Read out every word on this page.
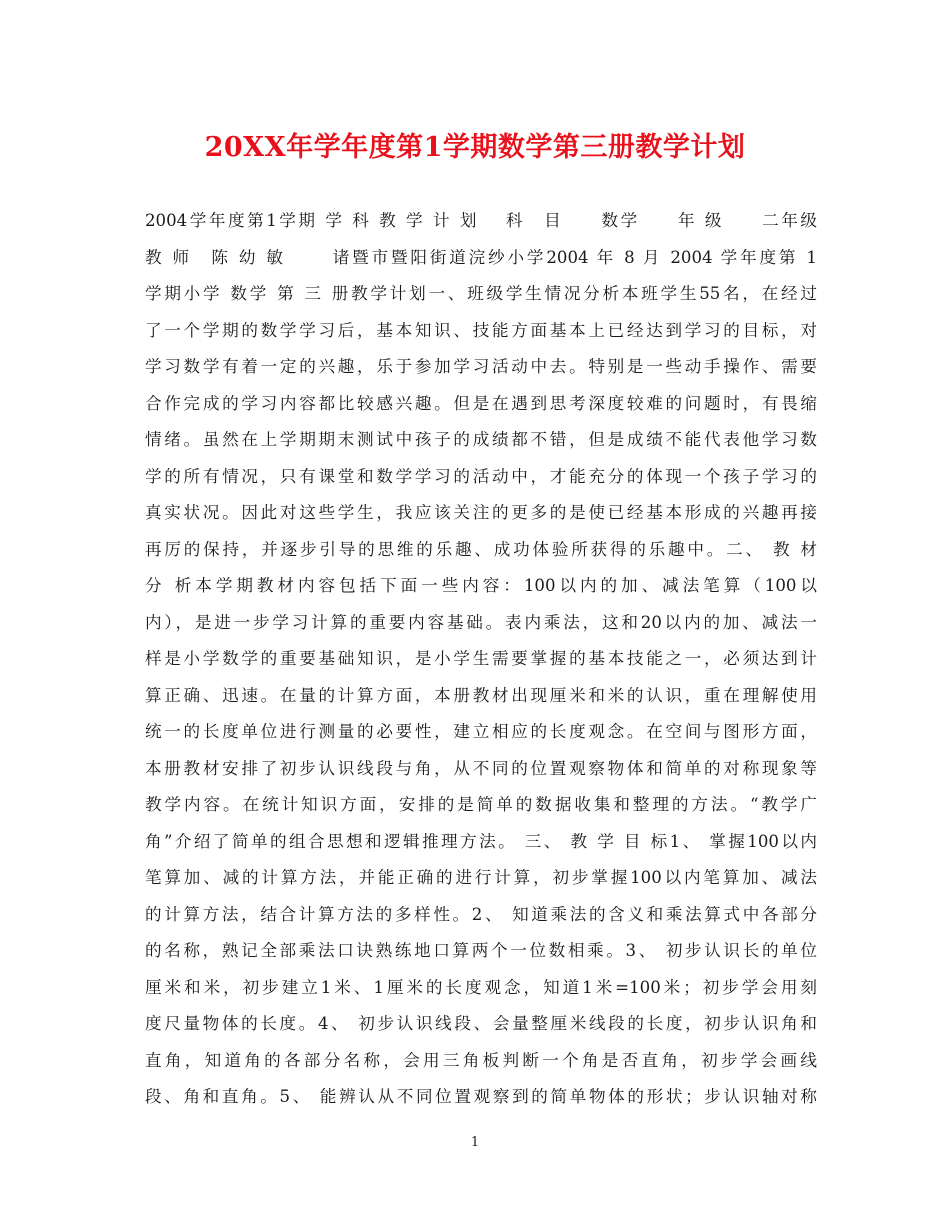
20XX年学年度第1学期数学第三册教学计划
2004学年度第1学期 学 科 教 学 计 划　 科　目　　数学　　年 级　　二年级
教 师　陈 幼 敏　　 诸暨市暨阳街道浣纱小学2004 年 8 月 2004 学年度第 1
学期小学 数学 第 三 册教学计划一、班级学生情况分析本班学生55名，在经过
了一个学期的数学学习后，基本知识、技能方面基本上已经达到学习的目标，对
学习数学有着一定的兴趣，乐于参加学习活动中去。特别是一些动手操作、需要
合作完成的学习内容都比较感兴趣。但是在遇到思考深度较难的问题时，有畏缩
情绪。虽然在上学期期末测试中孩子的成绩都不错，但是成绩不能代表他学习数
学的所有情况，只有课堂和数学学习的活动中，才能充分的体现一个孩子学习的
真实状况。因此对这些学生，我应该关注的更多的是使已经基本形成的兴趣再接
再厉的保持，并逐步引导的思维的乐趣、成功体验所获得的乐趣中。二、 教 材
分 析本学期教材内容包括下面一些内容：100以内的加、减法笔算（100以
内），是进一步学习计算的重要内容基础。表内乘法，这和20以内的加、减法一
样是小学数学的重要基础知识，是小学生需要掌握的基本技能之一，必须达到计
算正确、迅速。在量的计算方面，本册教材出现厘米和米的认识，重在理解使用
统一的长度单位进行测量的必要性，建立相应的长度观念。在空间与图形方面，
本册教材安排了初步认识线段与角，从不同的位置观察物体和简单的对称现象等
教学内容。在统计知识方面，安排的是简单的数据收集和整理的方法。“教学广
角”介绍了简单的组合思想和逻辑推理方法。 三、 教 学 目 标1、 掌握100以内
笔算加、减的计算方法，并能正确的进行计算，初步掌握100以内笔算加、减法
的计算方法，结合计算方法的多样性。2、 知道乘法的含义和乘法算式中各部分
的名称，熟记全部乘法口诀熟练地口算两个一位数相乘。3、 初步认识长的单位
厘米和米，初步建立1米、1厘米的长度观念，知道1米=100米；初步学会用刻
度尺量物体的长度。4、 初步认识线段、会量整厘米线段的长度，初步认识角和
直角，知道角的各部分名称，会用三角板判断一个角是否直角，初步学会画线
段、角和直角。5、 能辨认从不同位置观察到的简单物体的形状；步认识轴对称
1
